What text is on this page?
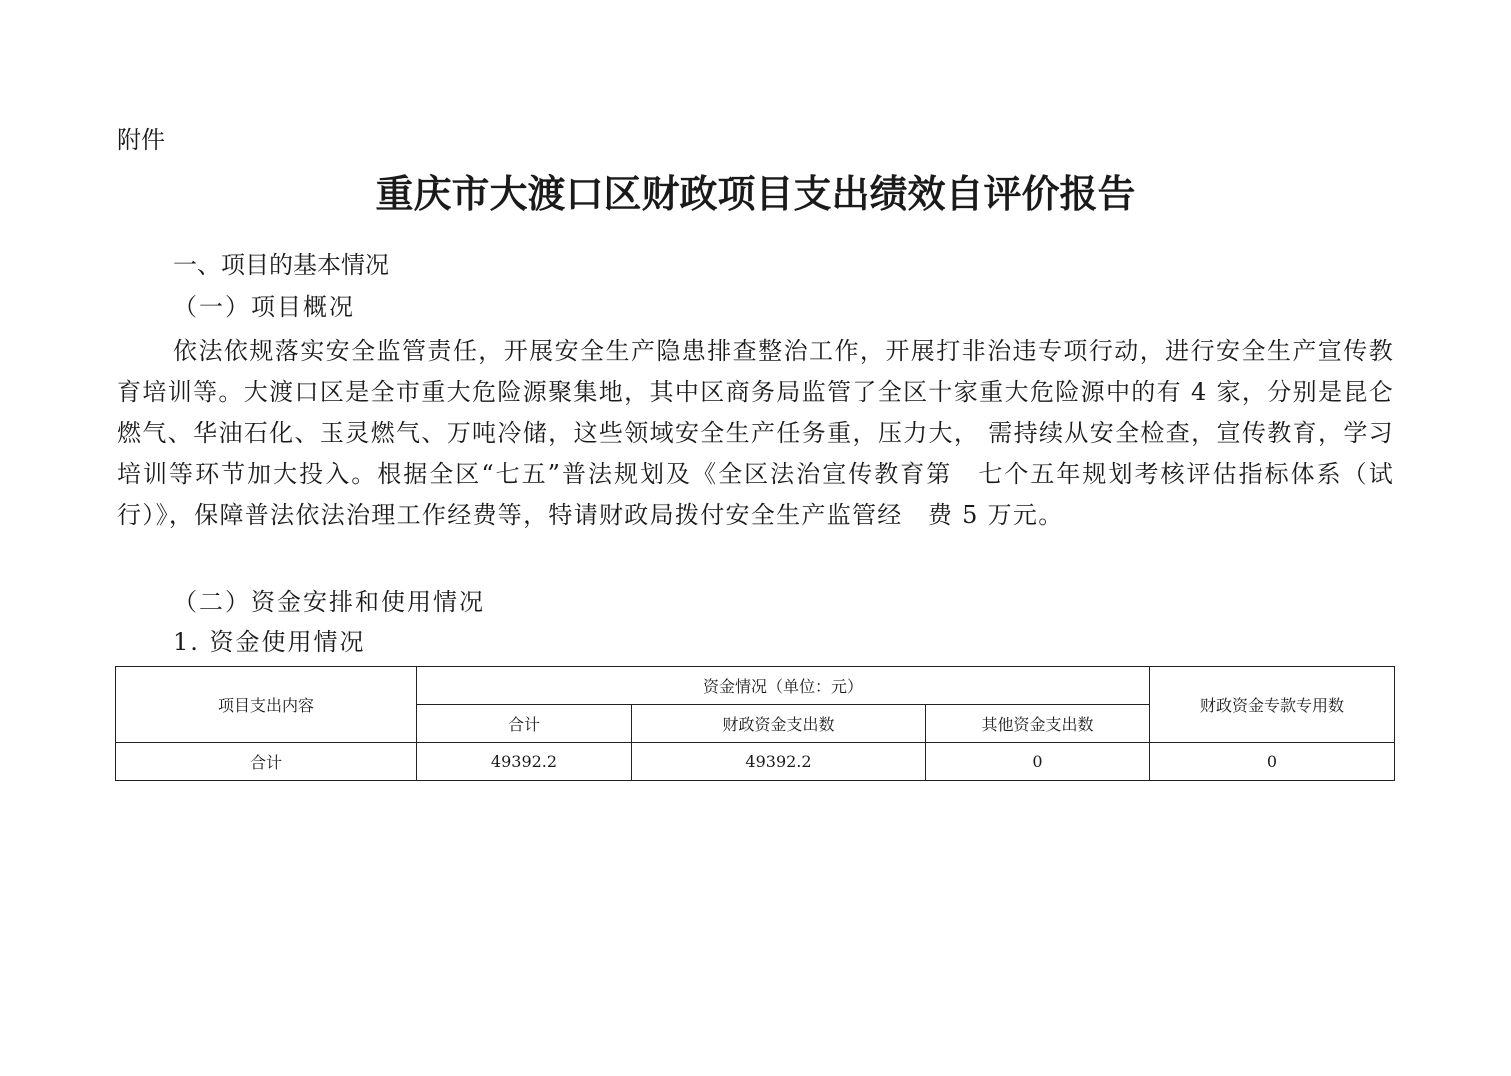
附件
重庆市大渡口区财政项目支出绩效自评价报告
一、项目的基本情况
（一）项目概况

依法依规落实安全监管责任，开展安全生产隐患排查整治工作，开展打非治违专项行动，进行安全生产宣传教育培训等。大渡口区是全市重大危险源聚集地，其中区商务局监管了全区十家重大危险源中的有 4 家，分别是昆仑燃气、华油石化、玉灵燃气、万吨冷储，这些领域安全生产任务重，压力大， 需持续从安全检查，宣传教育，学习培训等环节加大投入。根据全区“七五”普法规划及《全区法治宣传教育第　七个五年规划考核评估指标体系（试行）》，保障普法依法治理工作经费等，特请财政局拨付安全生产监管经　费 5 万元。

（二）资金安排和使用情况
1. 资金使用情况
项目支出内容	资金情况（单位：元）			财政资金专款专用数
	合计	财政资金支出数	其他资金支出数	
合计	49392.2	49392.2	0	0
